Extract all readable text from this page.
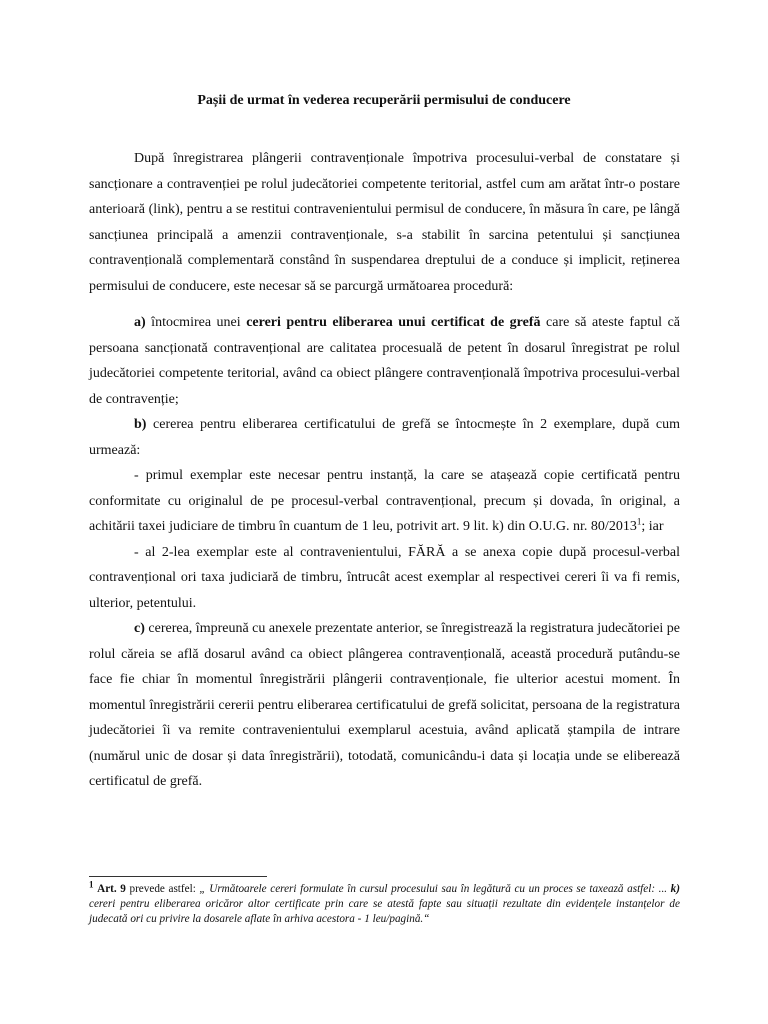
Pașii de urmat în vederea recuperării permisului de conducere

După înregistrarea plângerii contravenționale împotriva procesului-verbal de constatare și sancționare a contravenției pe rolul judecătoriei competente teritorial, astfel cum am arătat într-o postare anterioară (link), pentru a se restitui contravenientului permisul de conducere, în măsura în care, pe lângă sancțiunea principală a amenzii contravenționale, s-a stabilit în sarcina petentului și sancțiunea contravențională complementară constând în suspendarea dreptului de a conduce și implicit, reținerea permisului de conducere, este necesar să se parcurgă următoarea procedură:

a) întocmirea unei cereri pentru eliberarea unui certificat de grefă care să ateste faptul că persoana sancționată contravențional are calitatea procesuală de petent în dosarul înregistrat pe rolul judecătoriei competente teritorial, având ca obiect plângere contravențională împotriva procesului-verbal de contravenție;

b) cererea pentru eliberarea certificatului de grefă se întocmește în 2 exemplare, după cum urmează:

- primul exemplar este necesar pentru instanță, la care se atașează copie certificată pentru conformitate cu originalul de pe procesul-verbal contravențional, precum și dovada, în original, a achitării taxei judiciare de timbru în cuantum de 1 leu, potrivit art. 9 lit. k) din O.U.G. nr. 80/2013$^1$; iar

- al 2-lea exemplar este al contravenientului, FĂRĂ a se anexa copie după procesul-verbal contravențional ori taxa judiciară de timbru, întrucât acest exemplar al respectivei cereri îi va fi remis, ulterior, petentului.

c) cererea, împreună cu anexele prezentate anterior, se înregistrează la registratura judecătoriei pe rolul căreia se află dosarul având ca obiect plângerea contravențională, această procedură putându-se face fie chiar în momentul înregistrării plângerii contravenționale, fie ulterior acestui moment. În momentul înregistrării cererii pentru eliberarea certificatului de grefă solicitat, persoana de la registratura judecătoriei îi va remite contravenientului exemplarul acestuia, având aplicată ștampila de intrare (numărul unic de dosar și data înregistrării), totodată, comunicându-i data și locația unde se eliberează certificatul de grefă.

$^1$ Art. 9 prevede astfel: „ Următoarele cereri formulate în cursul procesului sau în legătură cu un proces se taxează astfel: ... k) cereri pentru eliberarea oricăror altor certificate prin care se atestă fapte sau situații rezultate din evidențele instanțelor de judecată ori cu privire la dosarele aflate în arhiva acestora - 1 leu/pagină.“
